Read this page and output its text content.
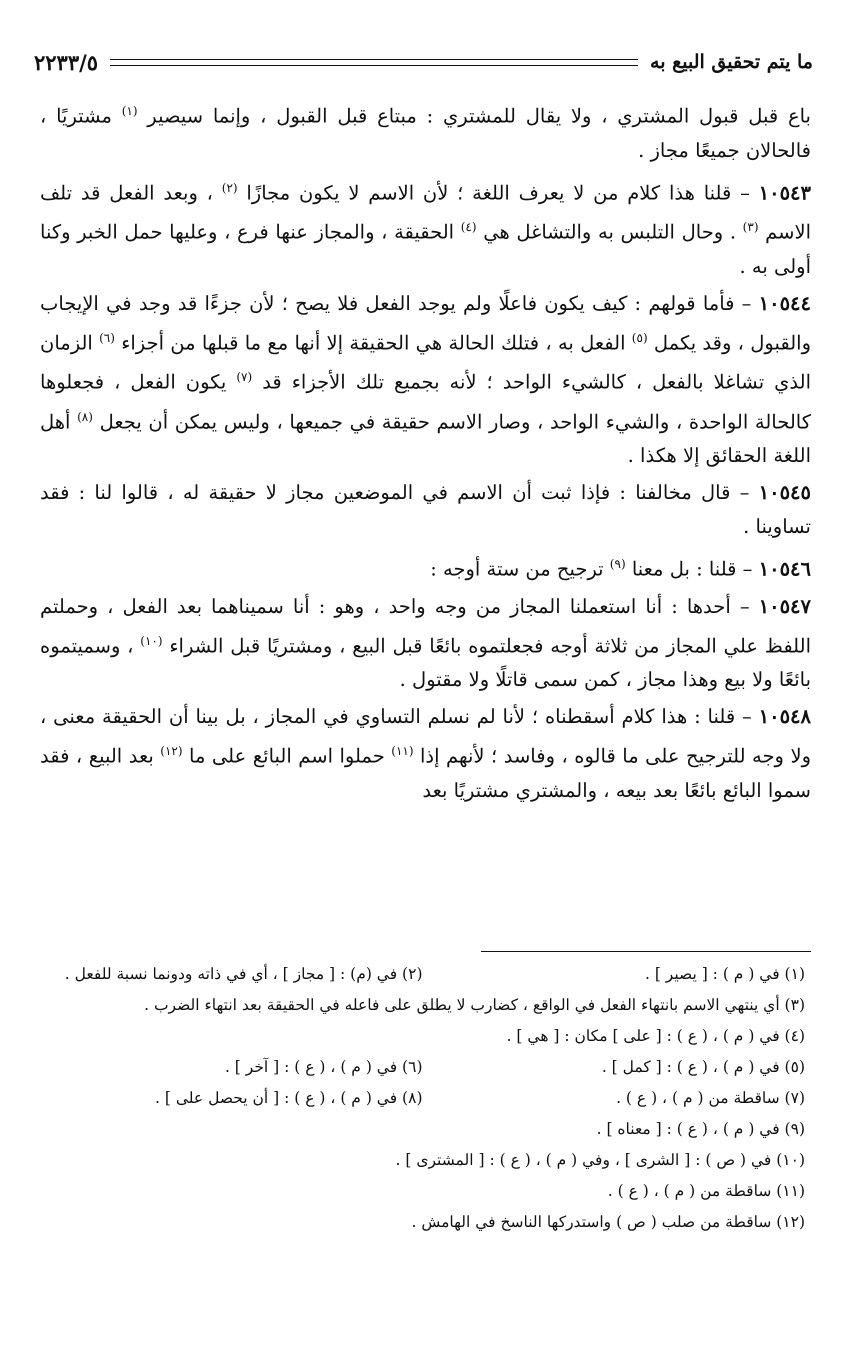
ما يتم تحقيق البيع به
٢٢٣٣/٥

باع قبل قبول المشتري ، ولا يقال للمشتري : مبتاع قبل القبول ، وإنما سيصير $^{(١)}$ مشتريًا ، فالحالان جميعًا مجاز .

١٠٥٤٣ – قلنا هذا كلام من لا يعرف اللغة ؛ لأن الاسم لا يكون مجازًا $^{(٢)}$ ، وبعد الفعل قد تلف الاسم $^{(٣)}$ . وحال التلبس به والتشاغل هي $^{(٤)}$ الحقيقة ، والمجاز عنها فرع ، وعليها حمل الخبر وكنا أولى به .

١٠٥٤٤ – فأما قولهم : كيف يكون فاعلًا ولم يوجد الفعل فلا يصح ؛ لأن جزءًا قد وجد في الإيجاب والقبول ، وقد يكمل $^{(٥)}$ الفعل به ، فتلك الحالة هي الحقيقة إلا أنها مع ما قبلها من أجزاء $^{(٦)}$ الزمان الذي تشاغلا بالفعل ، كالشيء الواحد ؛ لأنه بجميع تلك الأجزاء قد $^{(٧)}$ يكون الفعل ، فجعلوها كالحالة الواحدة ، والشيء الواحد ، وصار الاسم حقيقة في جميعها ، وليس يمكن أن يجعل $^{(٨)}$ أهل اللغة الحقائق إلا هكذا .

١٠٥٤٥ – قال مخالفنا : فإذا ثبت أن الاسم في الموضعين مجاز لا حقيقة له ، قالوا لنا : فقد تساوينا .

١٠٥٤٦ – قلنا : بل معنا $^{(٩)}$ ترجيح من ستة أوجه :

١٠٥٤٧ – أحدها : أنا استعملنا المجاز من وجه واحد ، وهو : أنا سميناهما بعد الفعل ، وحملتم اللفظ علي المجاز من ثلاثة أوجه فجعلتموه بائعًا قبل البيع ، ومشتريًا قبل الشراء $^{(١٠)}$ ، وسميتموه بائعًا ولا بيع وهذا مجاز ، كمن سمى قاتلًا ولا مقتول .

١٠٥٤٨ – قلنا : هذا كلام أسقطناه ؛ لأنا لم نسلم التساوي في المجاز ، بل بينا أن الحقيقة معنى ، ولا وجه للترجيح على ما قالوه ، وفاسد ؛ لأنهم إذا $^{(١١)}$ حملوا اسم البائع على ما $^{(١٢)}$ بعد البيع ، فقد سموا البائع بائعًا بعد بيعه ، والمشتري مشتريًا بعد

(١) في ( م ) : [ يصير ] .
(٢) في (م) : [ مجاز ] ، أي في ذاته ودونما نسبة للفعل .
(٣) أي ينتهي الاسم بانتهاء الفعل في الواقع ، كضارب لا يطلق على فاعله في الحقيقة بعد انتهاء الضرب .
(٤) في ( م ) ، ( ع ) : [ على ] مكان : [ هي ] .
(٥) في ( م ) ، ( ع ) : [ كمل ] .
(٦) في ( م ) ، ( ع ) : [ آخر ] .
(٧) ساقطة من ( م ) ، ( ع ) .
(٨) في ( م ) ، ( ع ) : [ أن يحصل على ] .
(٩) في ( م ) ، ( ع ) : [ معناه ] .
(١٠) في ( ص ) : [ الشرى ] ، وفي ( م ) ، ( ع ) : [ المشترى ] .
(١١) ساقطة من ( م ) ، ( ع ) .
(١٢) ساقطة من صلب ( ص ) واستدركها الناسخ في الهامش .
